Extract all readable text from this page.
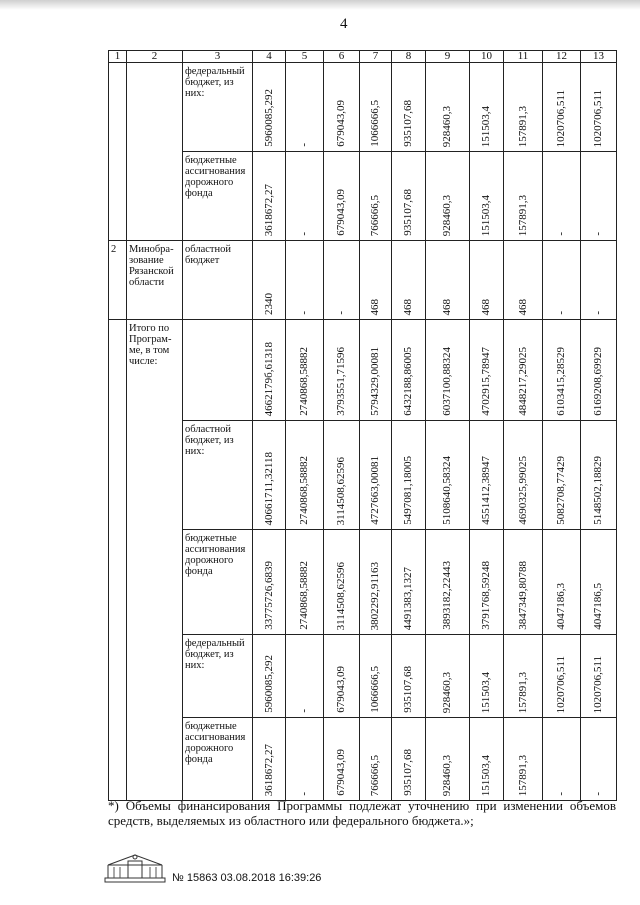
4
1	2	3	4	5	6	7	8	9	10	11	12	13
		федеральный бюджет, из них:	5960085,292	-	679043,09	1066666,5	935107,68	928460,3	151503,4	157891,3	1020706,511	1020706,511

		бюджетные ассигнования дорожного фонда	3618672,27	-	679043,09	766666,5	935107,68	928460,3	151503,4	157891,3	-	-

2	Минобра-зование Рязанской области	областной бюджет	2340	-	-	468	468	468	468	468	-	-

	Итого по Програм-ме, в том числе:		4662179б,61318	2740868,58882	3793551,71596	5794329,00081	6432188,86005	6037100,88324	4702915,78947	4848217,29025	6103415,28529	6169208,69929

		областной бюджет, из них:	40661711,32118	2740868,58882	3114508,62596	4727663,00081	5497081,18005	5108640,58324	4551412,38947	4690325,99025	5082708,77429	5148502,18829

		бюджетные ассигнования дорожного фонда	33775726,6839	2740868,58882	3114508,62596	3802292,91163	4491383,1327	3893182,22443	3791768,59248	3847349,80788	4047186,3	4047186,5

		федеральный бюджет, из них:	5960085,292	-	679043,09	1066666,5	935107,68	928460,3	151503,4	157891,3	1020706,511	1020706,511

		бюджетные ассигнования дорожного фонда	3618672,27	-	679043,09	766666,5	935107,68	928460,3	151503,4	157891,3	-	-
*) Объемы финансирования Программы подлежат уточнению при изменении объемов средств, выделяемых из областного или федерального бюджета.»;
№ 15863 03.08.2018 16:39:26
